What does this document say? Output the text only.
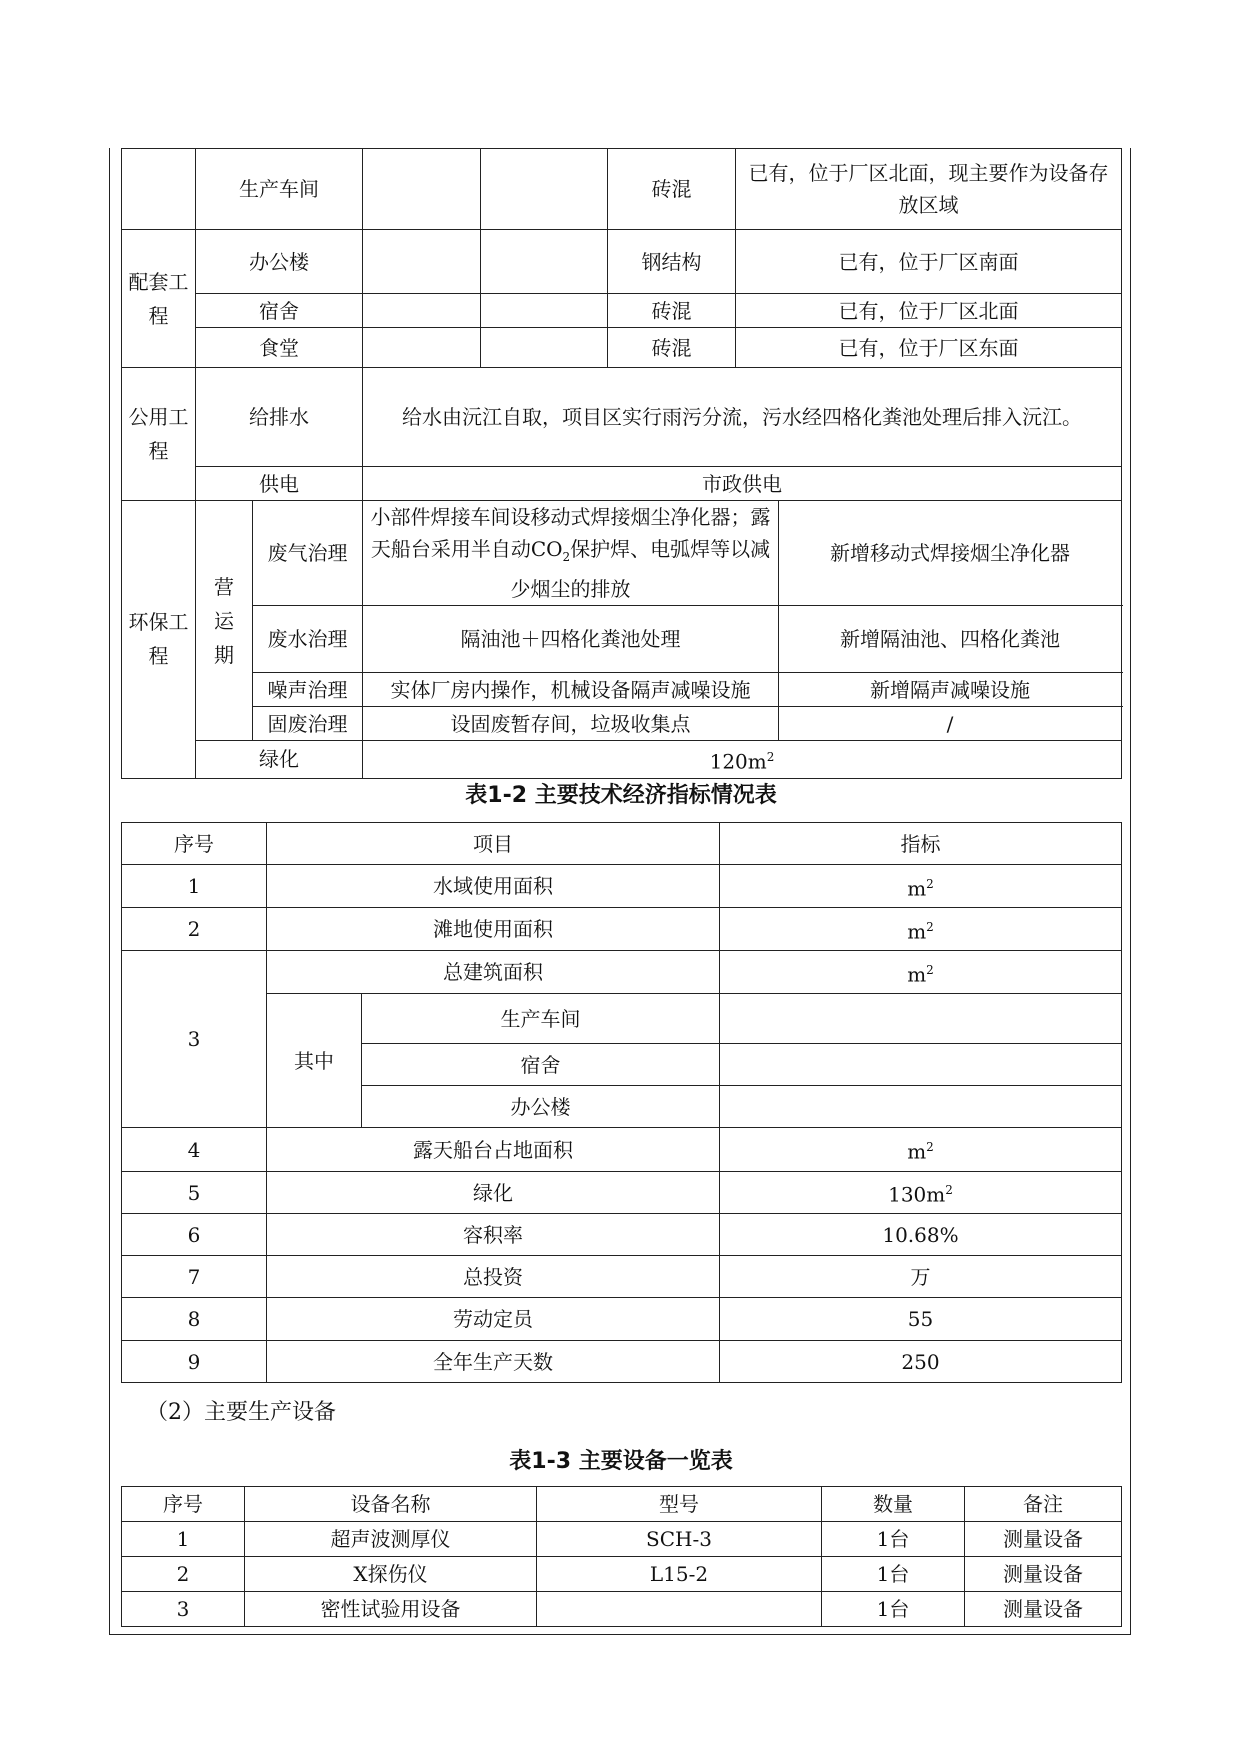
	生产车间				砖混	已有，位于厂区北面，现主要作为设备存放区域	
配套工程	办公楼				钢结构	已有，位于厂区南面	
	宿舍				砖混	已有，位于厂区北面	
	食堂				砖混	已有，位于厂区东面	
公用工程	给排水		给水由沅江自取，项目区实行雨污分流，污水经四格化粪池处理后排入沅江。				
	供电		市政供电				
环保工程	营运期	废气治理	小部件焊接车间设移动式焊接烟尘净化器；露天船台采用半自动$CO_2$保护焊、电弧焊等以减少烟尘的排放				新增移动式焊接烟尘净化器
		废水治理	隔油池＋四格化粪池处理				新增隔油池、四格化粪池
		噪声治理	实体厂房内操作，机械设备隔声减噪设施				新增隔声减噪设施
		固废治理	设固废暂存间，垃圾收集点				/
	绿化		$120m^2$
表1-2 主要技术经济指标情况表
序号	项目		指标
1	水域使用面积		$m^2$
2	滩地使用面积		$m^2$
3	总建筑面积		$m^2$
	其中	生产车间	
		宿舍	
		办公楼	
4	露天船台占地面积		$m^2$
5	绿化		$130m^2$
6	容积率		10.68%
7	总投资		万
8	劳动定员		55
9	全年生产天数		250
（2）主要生产设备
表1-3 主要设备一览表
序号	设备名称	型号	数量	备注
1	超声波测厚仪	SCH-3	1台	测量设备
2	X探伤仪	L15-2	1台	测量设备
3	密性试验用设备		1台	测量设备
